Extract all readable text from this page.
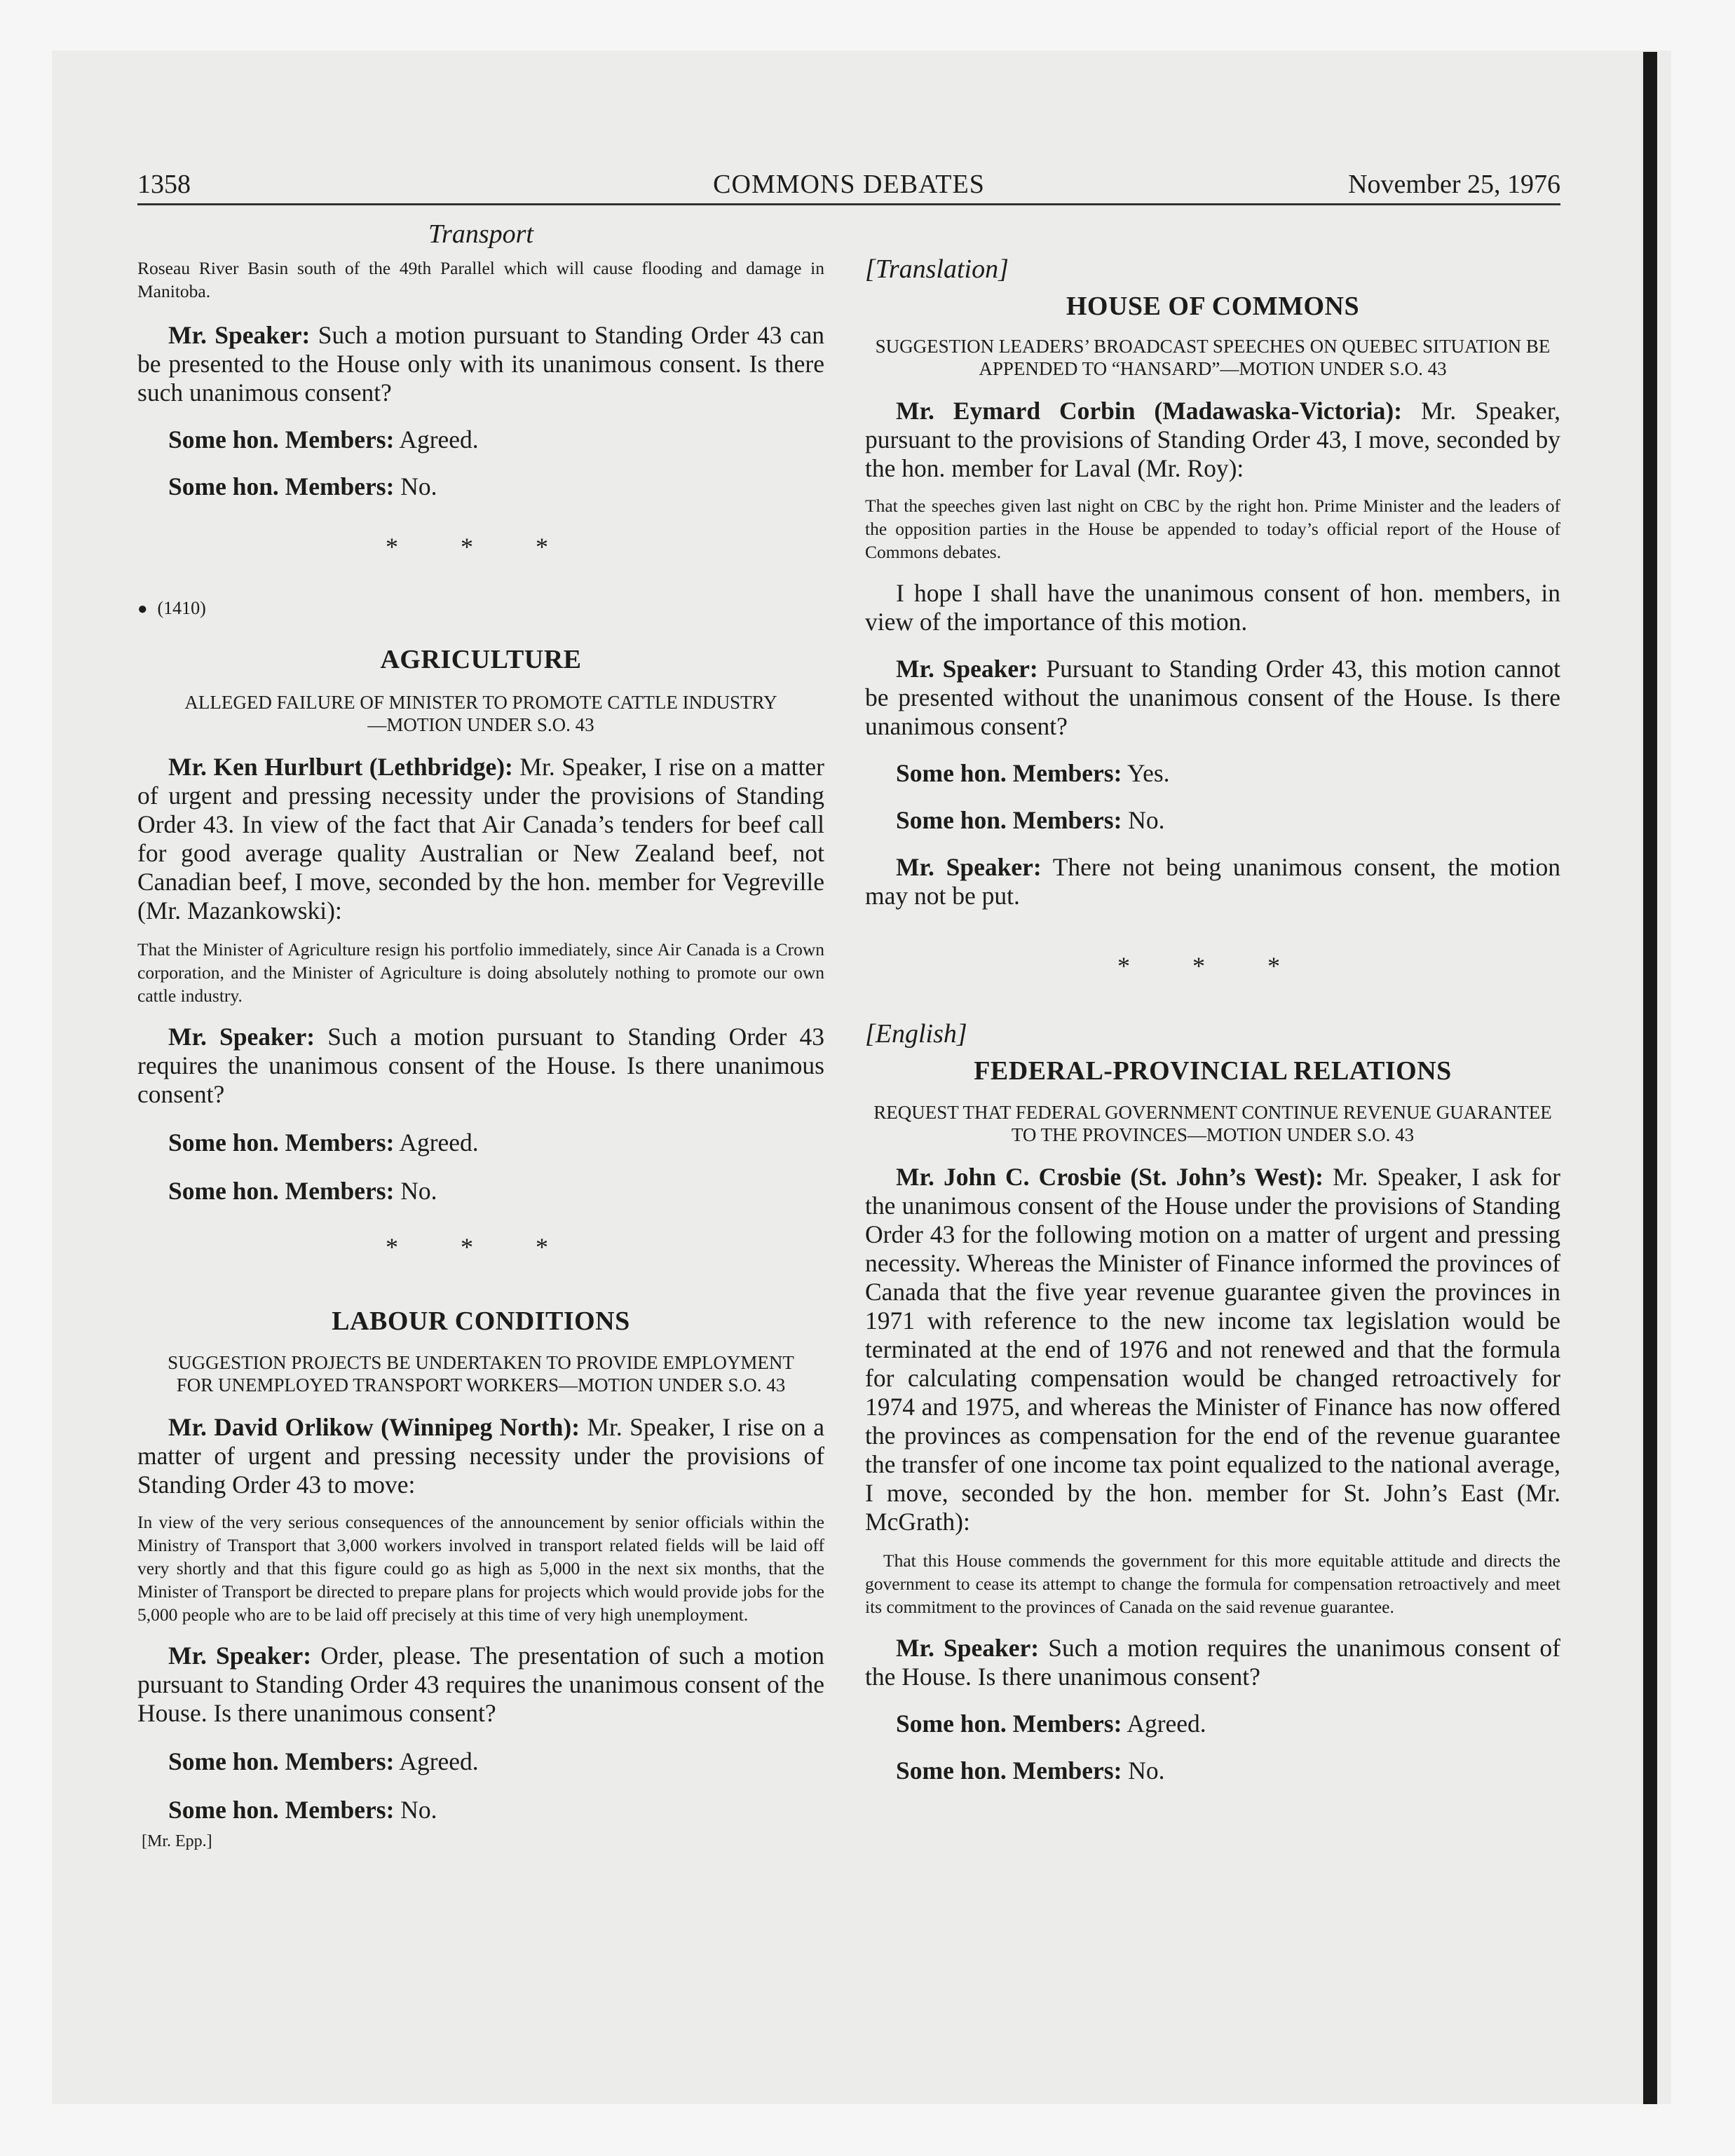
1358	COMMONS DEBATES	November 25, 1976

Transport

Roseau River Basin south of the 49th Parallel which will cause flooding and damage in Manitoba.

Mr. Speaker: Such a motion pursuant to Standing Order 43 can be presented to the House only with its unanimous consent. Is there such unanimous consent?

Some hon. Members: Agreed.

Some hon. Members: No.

* * *

● (1410)

AGRICULTURE

ALLEGED FAILURE OF MINISTER TO PROMOTE CATTLE INDUSTRY—MOTION UNDER S.O. 43

Mr. Ken Hurlburt (Lethbridge): Mr. Speaker, I rise on a matter of urgent and pressing necessity under the provisions of Standing Order 43. In view of the fact that Air Canada’s tenders for beef call for good average quality Australian or New Zealand beef, not Canadian beef, I move, seconded by the hon. member for Vegreville (Mr. Mazankowski):

That the Minister of Agriculture resign his portfolio immediately, since Air Canada is a Crown corporation, and the Minister of Agriculture is doing absolutely nothing to promote our own cattle industry.

Mr. Speaker: Such a motion pursuant to Standing Order 43 requires the unanimous consent of the House. Is there unanimous consent?

Some hon. Members: Agreed.

Some hon. Members: No.

* * *

LABOUR CONDITIONS

SUGGESTION PROJECTS BE UNDERTAKEN TO PROVIDE EMPLOYMENT FOR UNEMPLOYED TRANSPORT WORKERS—MOTION UNDER S.O. 43

Mr. David Orlikow (Winnipeg North): Mr. Speaker, I rise on a matter of urgent and pressing necessity under the provisions of Standing Order 43 to move:

In view of the very serious consequences of the announcement by senior officials within the Ministry of Transport that 3,000 workers involved in transport related fields will be laid off very shortly and that this figure could go as high as 5,000 in the next six months, that the Minister of Transport be directed to prepare plans for projects which would provide jobs for the 5,000 people who are to be laid off precisely at this time of very high unemployment.

Mr. Speaker: Order, please. The presentation of such a motion pursuant to Standing Order 43 requires the unanimous consent of the House. Is there unanimous consent?

Some hon. Members: Agreed.

Some hon. Members: No.

[Mr. Epp.]

[Translation]

HOUSE OF COMMONS

SUGGESTION LEADERS’ BROADCAST SPEECHES ON QUEBEC SITUATION BE APPENDED TO “HANSARD”—MOTION UNDER S.O. 43

Mr. Eymard Corbin (Madawaska-Victoria): Mr. Speaker, pursuant to the provisions of Standing Order 43, I move, seconded by the hon. member for Laval (Mr. Roy):

That the speeches given last night on CBC by the right hon. Prime Minister and the leaders of the opposition parties in the House be appended to today’s official report of the House of Commons debates.

I hope I shall have the unanimous consent of hon. members, in view of the importance of this motion.

Mr. Speaker: Pursuant to Standing Order 43, this motion cannot be presented without the unanimous consent of the House. Is there unanimous consent?

Some hon. Members: Yes.

Some hon. Members: No.

Mr. Speaker: There not being unanimous consent, the motion may not be put.

* * *

[English]

FEDERAL-PROVINCIAL RELATIONS

REQUEST THAT FEDERAL GOVERNMENT CONTINUE REVENUE GUARANTEE TO THE PROVINCES—MOTION UNDER S.O. 43

Mr. John C. Crosbie (St. John’s West): Mr. Speaker, I ask for the unanimous consent of the House under the provisions of Standing Order 43 for the following motion on a matter of urgent and pressing necessity. Whereas the Minister of Finance informed the provinces of Canada that the five year revenue guarantee given the provinces in 1971 with reference to the new income tax legislation would be terminated at the end of 1976 and not renewed and that the formula for calculating compensation would be changed retroactively for 1974 and 1975, and whereas the Minister of Finance has now offered the provinces as compensation for the end of the revenue guarantee the transfer of one income tax point equalized to the national average, I move, seconded by the hon. member for St. John’s East (Mr. McGrath):

That this House commends the government for this more equitable attitude and directs the government to cease its attempt to change the formula for compensation retroactively and meet its commitment to the provinces of Canada on the said revenue guarantee.

Mr. Speaker: Such a motion requires the unanimous consent of the House. Is there unanimous consent?

Some hon. Members: Agreed.

Some hon. Members: No.
